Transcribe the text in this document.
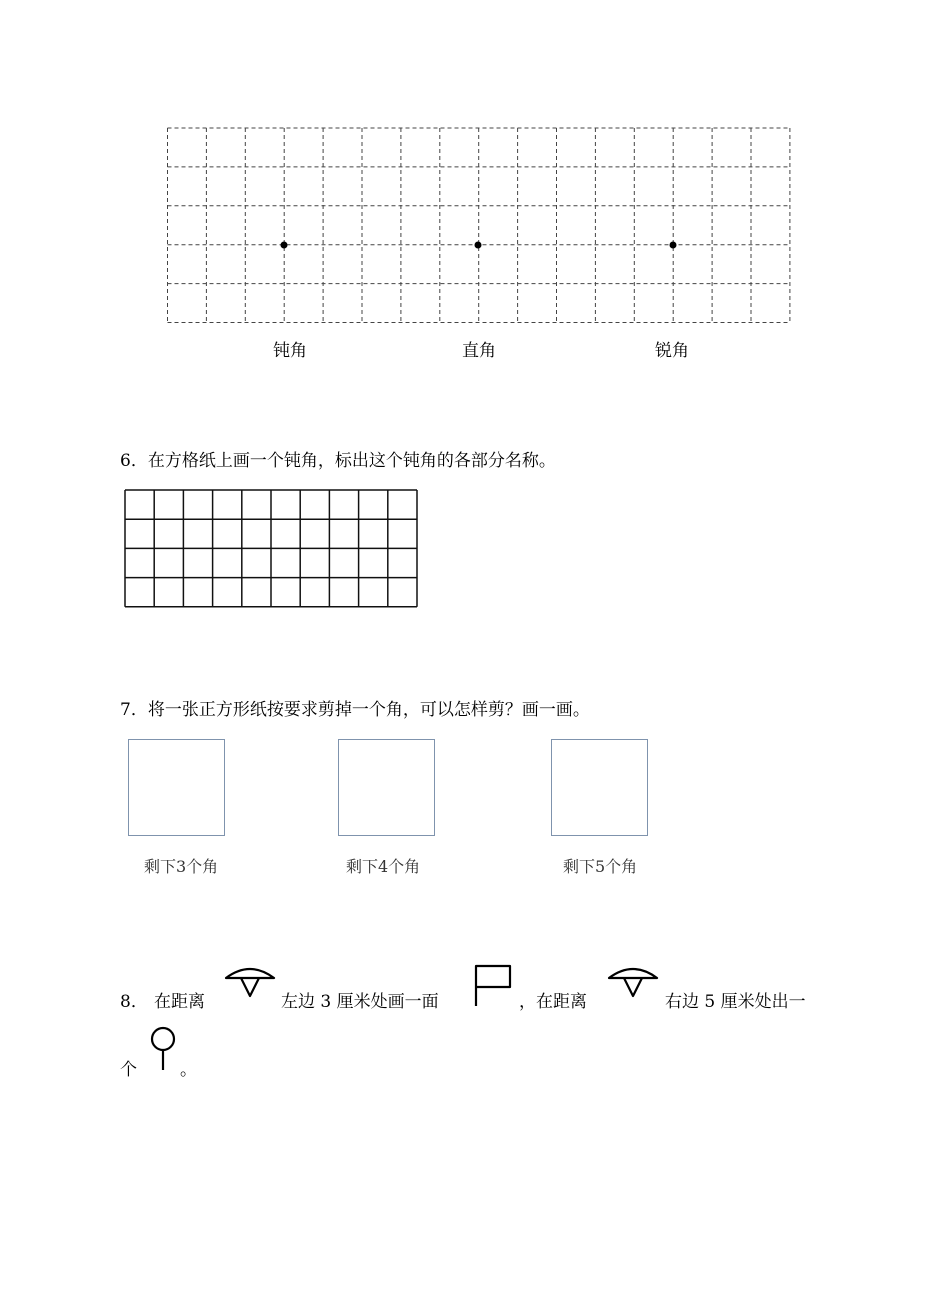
钝角	直角	锐角
6．在方格纸上画一个钝角，标出这个钝角的各部分名称。
7．将一张正方形纸按要求剪掉一个角，可以怎样剪？画一画。
剩下3个角	剩下4个角	剩下5个角
8． 在距离	左边 3 厘米处画一面	，在距离	右边 5 厘米处出一
个	。
